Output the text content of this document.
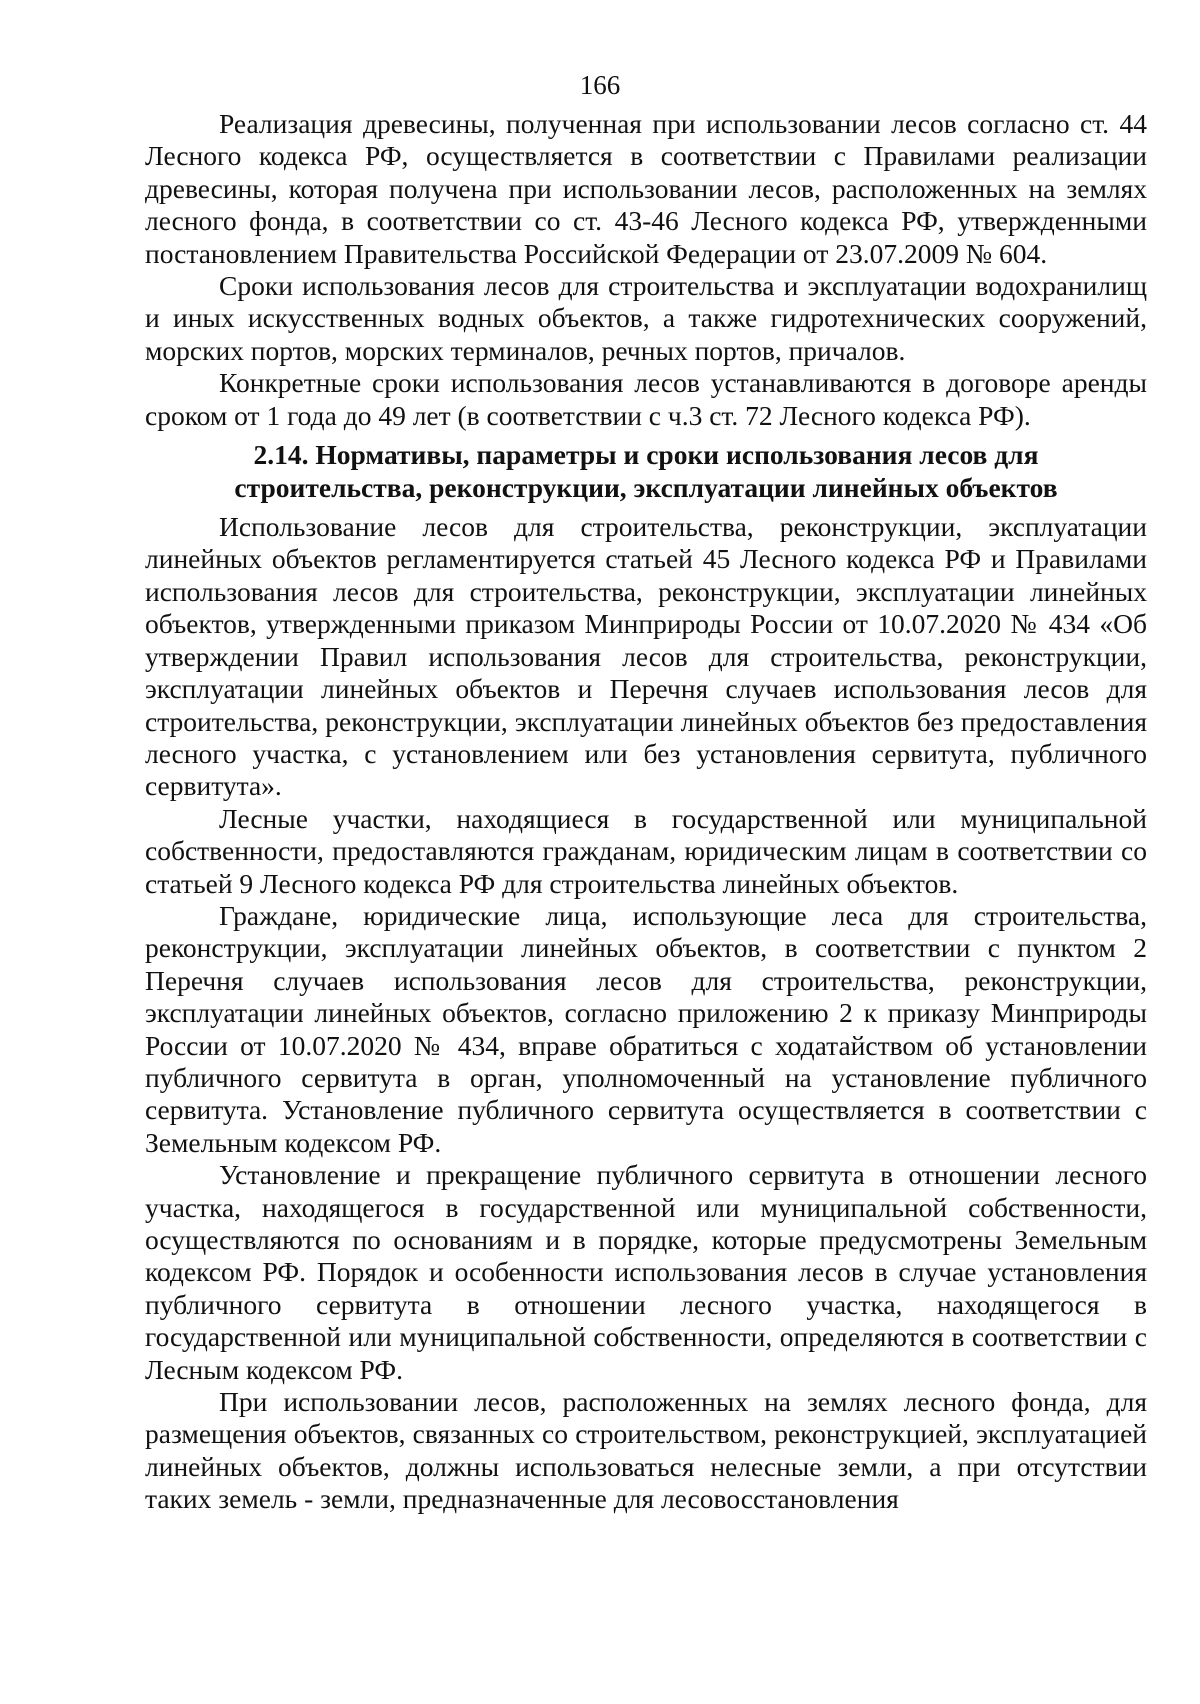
166

Реализация древесины, полученная при использовании лесов согласно ст. 44 Лесного кодекса РФ, осуществляется в соответствии с Правилами реализации древесины, которая получена при использовании лесов, расположенных на землях лесного фонда, в соответствии со ст. 43-46 Лесного кодекса РФ, утвержденными постановлением Правительства Российской Федерации от 23.07.2009 № 604.

Сроки использования лесов для строительства и эксплуатации водохранилищ и иных искусственных водных объектов, а также гидротехнических сооружений, морских портов, морских терминалов, речных портов, причалов.

Конкретные сроки использования лесов устанавливаются в договоре аренды сроком от 1 года до 49 лет (в соответствии с ч.3 ст. 72 Лесного кодекса РФ).

2.14. Нормативы, параметры и сроки использования лесов для
строительства, реконструкции, эксплуатации линейных объектов

Использование лесов для строительства, реконструкции, эксплуатации линейных объектов регламентируется статьей 45 Лесного кодекса РФ и Правилами использования лесов для строительства, реконструкции, эксплуатации линейных объектов, утвержденными приказом Минприроды России от 10.07.2020 № 434 «Об утверждении Правил использования лесов для строительства, реконструкции, эксплуатации линейных объектов и Перечня случаев использования лесов для строительства, реконструкции, эксплуатации линейных объектов без предоставления лесного участка, с установлением или без установления сервитута, публичного сервитута».

Лесные участки, находящиеся в государственной или муниципальной собственности, предоставляются гражданам, юридическим лицам в соответствии со статьей 9 Лесного кодекса РФ для строительства линейных объектов.

Граждане, юридические лица, использующие леса для строительства, реконструкции, эксплуатации линейных объектов, в соответствии с пунктом 2 Перечня случаев использования лесов для строительства, реконструкции, эксплуатации линейных объектов, согласно приложению 2 к приказу Минприроды России от 10.07.2020 № 434, вправе обратиться с ходатайством об установлении публичного сервитута в орган, уполномоченный на установление публичного сервитута. Установление публичного сервитута осуществляется в соответствии с Земельным кодексом РФ.

Установление и прекращение публичного сервитута в отношении лесного участка, находящегося в государственной или муниципальной собственности, осуществляются по основаниям и в порядке, которые предусмотрены Земельным кодексом РФ. Порядок и особенности использования лесов в случае установления публичного сервитута в отношении лесного участка, находящегося в государственной или муниципальной собственности, определяются в соответствии с Лесным кодексом РФ.

При использовании лесов, расположенных на землях лесного фонда, для размещения объектов, связанных со строительством, реконструкцией, эксплуатацией линейных объектов, должны использоваться нелесные земли, а при отсутствии таких земель - земли, предназначенные для лесовосстановления
